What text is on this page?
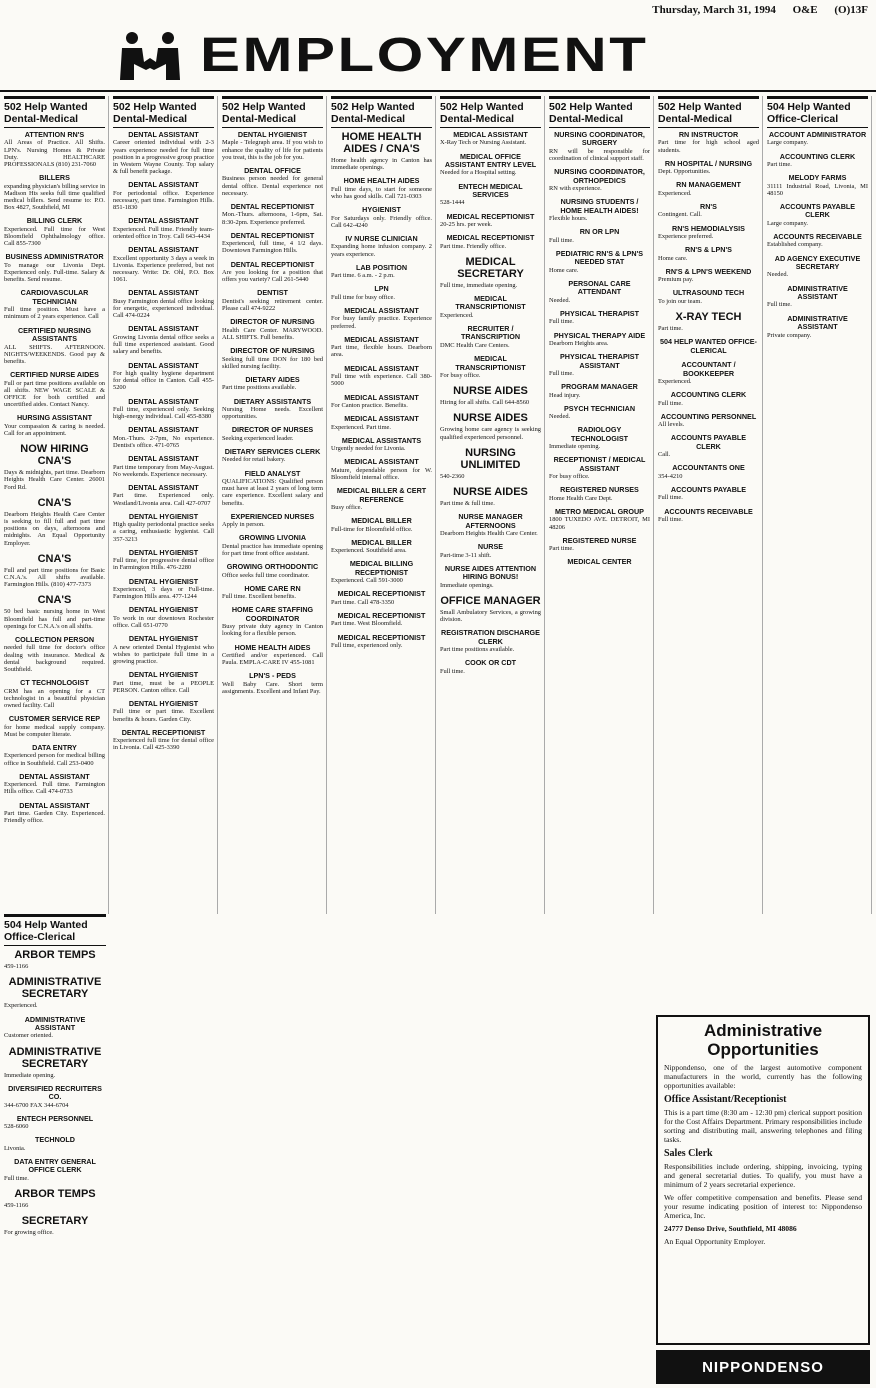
Thursday, March 31, 1994 O&E (O)13F
EMPLOYMENT
502 Help Wanted Dental-Medical
ATTENTION RN'S
All Areas of Practice. All Shifts. LPN's. Nursing Homes & Private Duty. HEALTHCARE PROFESSIONALS (810) 231-7060
BILLERS
expanding physician's billing service in Madison Hts seeks full time qualified medical billers. Send resume to: P.O. Box 4827, Southfield, MI
BILLING CLERK
Experienced. Full time for West Bloomfield Ophthalmology office. Call 855-7300
BUSINESS ADMINISTRATOR
To manage our Livonia Dept. Experienced only. Full-time. Salary & benefits. Send resume.
CARDIOVASCULAR TECHNICIAN
Full time position. Must have a minimum of 2 years experience. Call
CERTIFIED NURSING ASSISTANTS
ALL SHIFTS. AFTERNOON. NIGHTS/WEEKENDS. Good pay & benefits.
CERTIFIED NURSE AIDES
Full or part time positions available on all shifts. NEW WAGE SCALE & OFFICE for both certified and uncertified aides. Contact Nancy.
HURSING ASSISTANT
Your compassion & caring is needed. Call for an appointment.
NOW HIRING CNA'S
Days & midnights, part time. Dearborn Heights Health Care Center. 26001 Ford Rd.
CNA'S
Dearborn Heights Health Care Center is seeking to fill full and part time positions on days, afternoons and midnights. An Equal Opportunity Employer.
CNA'S
Full and part time positions for Basic C.N.A.'s. All shifts available. Farmington Hills. (810) 477-7373
CNA'S
50 bed basic nursing home in West Bloomfield has full and part-time openings for C.N.A.'s on all shifts.
COLLECTION PERSON
needed full time for doctor's office dealing with insurance. Medical & dental background required. Southfield.
CT TECHNOLOGIST
CRM has an opening for a CT technologist in a beautiful physician owned facility. Call
CUSTOMER SERVICE REP
for home medical supply company. Must be computer literate.
DATA ENTRY
Experienced person for medical billing office in Southfield. Call 253-0400
DENTAL ASSISTANT
Experienced. Full time. Farmington Hills office. Call 474-0733
DENTAL ASSISTANT
Part time. Garden City. Experienced. Friendly office.
502 Help Wanted Dental-Medical
DENTAL ASSISTANT
Career oriented individual with 2-3 years experience needed for full time position in a progressive group practice in Western Wayne County. Top salary & full benefit package.
DENTAL ASSISTANT
For periodontal office. Experience necessary, part time. Farmington Hills. 851-1830
DENTAL ASSISTANT
Experienced. Full time. Friendly team-oriented office in Troy. Call 643-4434
DENTAL ASSISTANT
Excellent opportunity 3 days a week in Livonia. Experience preferred, but not necessary. Write: Dr. Ohl, P.O. Box 1061.
DENTAL ASSISTANT
Busy Farmington dental office looking for energetic, experienced individual. Call 474-0224
DENTAL ASSISTANT
Growing Livonia dental office seeks a full time experienced assistant. Good salary and benefits.
DENTAL ASSISTANT
For high quality hygiene department for dental office in Canton. Call 455-5200
DENTAL ASSISTANT
Full time, experienced only. Seeking high-energy individual. Call 455-8380
DENTAL ASSISTANT
Mon.-Thurs. 2-7pm, No experience. Dentist's office. 471-0765
DENTAL ASSISTANT
Part time temporary from May-August. No weekends. Experience necessary.
DENTAL ASSISTANT
Part time. Experienced only. Westland/Livonia area. Call 427-0707
DENTAL HYGIENIST
High quality periodontal practice seeks a caring, enthusiastic hygienist. Call 357-3213
DENTAL HYGIENIST
Full time, for progressive dental office in Farmington Hills. 476-2280
DENTAL HYGIENIST
Experienced, 3 days or Full-time. Farmington Hills area. 477-1244
DENTAL HYGIENIST
To work in our downtown Rochester office. Call 651-0770
DENTAL HYGIENIST
A new oriented Dental Hygienist who wishes to participate full time in a growing practice.
DENTAL HYGIENIST
Part time, must be a PEOPLE PERSON. Canton office. Call
DENTAL HYGIENIST
Full time or part time. Excellent benefits & hours. Garden City.
DENTAL RECEPTIONIST
Experienced full time for dental office in Livonia. Call 425-3390
502 Help Wanted Dental-Medical
DENTAL HYGIENIST
Maple - Telegraph area. If you wish to enhance the quality of life for patients you treat, this is the job for you.
DENTAL OFFICE
Business person needed for general dental office. Dental experience not necessary.
DENTAL RECEPTIONIST
Mon.-Thurs. afternoons, 1-6pm, Sat. 8:30-2pm. Experience preferred.
DENTAL RECEPTIONIST
Experienced, full time, 4 1/2 days. Downtown Farmington Hills.
DENTAL RECEPTIONIST
Are you looking for a position that offers you variety? Call 261-5440
DENTIST
Dentist's seeking retirement center. Please call 474-9222
DIRECTOR OF NURSING
Health Care Center. MARYWOOD. ALL SHIFTS. Full benefits.
DIRECTOR OF NURSING
Seeking full time DON for 180 bed skilled nursing facility.
DIETARY AIDES
Part time positions available.
DIETARY ASSISTANTS
Nursing Home needs. Excellent opportunities.
DIRECTOR OF NURSES
Seeking experienced leader.
DIETARY SERVICES CLERK
Needed for retail bakery.
FIELD ANALYST
QUALIFICATIONS: Qualified person must have at least 2 years of long term care experience. Excellent salary and benefits.
EXPERIENCED NURSES
Apply in person.
GROWING LIVONIA
Dental practice has immediate opening for part time front office assistant.
GROWING ORTHODONTIC
Office seeks full time coordinator.
HOME CARE RN
Full time. Excellent benefits.
HOME CARE STAFFING COORDINATOR
Busy private duty agency in Canton looking for a flexible person.
HOME HEALTH AIDES
Certified and/or experienced. Call Paula. EMPLA-CARE IV 455-1081
LPN'S - PEDS
Well Baby Care. Short term assignments. Excellent and Infant Pay.
502 Help Wanted Dental-Medical
HOME HEALTH AIDES / CNA'S
Home health agency in Canton has immediate openings.
HOME HEALTH AIDES
Full time days, to start for someone who has good skills. Call 721-0303
HYGIENIST
For Saturdays only. Friendly office. Call 642-4240
IV NURSE CLINICIAN
Expanding home infusion company. 2 years experience.
LAB POSITION
Part time. 6 a.m. - 2 p.m.
LPN
Full time for busy office.
MEDICAL ASSISTANT
For busy family practice. Experience preferred.
MEDICAL ASSISTANT
Part time, flexible hours. Dearborn area.
MEDICAL ASSISTANT
Full time with experience. Call 380-5000
MEDICAL ASSISTANT
For Canton practice. Benefits.
MEDICAL ASSISTANT
Experienced. Part time.
MEDICAL ASSISTANTS
Urgently needed for Livonia.
MEDICAL ASSISTANT
Mature, dependable person for W. Bloomfield internal office.
MEDICAL BILLER & CERT REFERENCE
Busy office.
MEDICAL BILLER
Full-time for Bloomfield office.
MEDICAL BILLER
Experienced. Southfield area.
MEDICAL BILLING RECEPTIONIST
Experienced. Call 591-3000
MEDICAL RECEPTIONIST
Part time. Call 478-3350
MEDICAL RECEPTIONIST
Part time. West Bloomfield.
MEDICAL RECEPTIONIST
Full time, experienced only.
502 Help Wanted Dental-Medical
MEDICAL ASSISTANT
X-Ray Tech or Nursing Assistant.
MEDICAL OFFICE ASSISTANT ENTRY LEVEL
Needed for a Hospital setting.
ENTECH MEDICAL SERVICES
528-1444
MEDICAL RECEPTIONIST
20-25 hrs. per week.
MEDICAL RECEPTIONIST
Part time. Friendly office.
MEDICAL SECRETARY
Full time, immediate opening.
MEDICAL TRANSCRIPTIONIST
Experienced.
RECRUITER / TRANSCRIPTION
DMC Health Care Centers.
MEDICAL TRANSCRIPTIONIST
For busy office.
NURSE AIDES
Hiring for all shifts. Call 644-8560
NURSE AIDES
Growing home care agency is seeking qualified experienced personnel.
NURSING UNLIMITED
540-2360
NURSE AIDES
Part time & full time.
NURSE MANAGER AFTERNOONS
Dearborn Heights Health Care Center.
NURSE
Part-time 3-11 shift.
NURSE AIDES ATTENTION HIRING BONUS!
Immediate openings.
OFFICE MANAGER
Small Ambulatory Services, a growing division.
REGISTRATION DISCHARGE CLERK
Part time positions available.
COOK OR CDT
Full time.
502 Help Wanted Dental-Medical
NURSING COORDINATOR, SURGERY
RN will be responsible for coordination of clinical support staff.
NURSING COORDINATOR, ORTHOPEDICS
RN with experience.
NURSING STUDENTS / HOME HEALTH AIDES!
Flexible hours.
RN OR LPN
Full time.
PEDIATRIC RN'S & LPN'S NEEDED STAT
Home care.
PERSONAL CARE ATTENDANT
Needed.
PHYSICAL THERAPIST
Full time.
PHYSICAL THERAPY AIDE
Dearborn Heights area.
PHYSICAL THERAPIST ASSISTANT
Full time.
PROGRAM MANAGER
Head injury.
PSYCH TECHNICIAN
Needed.
RADIOLOGY TECHNOLOGIST
Immediate opening.
RECEPTIONIST / MEDICAL ASSISTANT
For busy office.
REGISTERED NURSES
Home Health Care Dept.
METRO MEDICAL GROUP
1800 TUXEDO AVE. DETROIT, MI 48206
REGISTERED NURSE
Part time.
MEDICAL CENTER
502 Help Wanted Dental-Medical
RN INSTRUCTOR
Part time for high school aged students.
RN HOSPITAL / NURSING
Dept. Opportunities.
RN MANAGEMENT
Experienced.
RN'S
Contingent. Call.
RN'S HEMODIALYSIS
Experience preferred.
RN'S & LPN'S
Home care.
RN'S & LPN'S WEEKEND
Premium pay.
ULTRASOUND TECH
To join our team.
X-RAY TECH
Part time.
504 HELP WANTED OFFICE-CLERICAL
ACCOUNTANT / BOOKKEEPER
Experienced.
ACCOUNTING CLERK
Full time.
ACCOUNTING PERSONNEL
All levels.
ACCOUNTS PAYABLE CLERK
Call.
ACCOUNTANTS ONE
354-4210
ACCOUNTS PAYABLE
Full time.
ACCOUNTS RECEIVABLE
Full time.
504 Help Wanted Office-Clerical
ACCOUNT ADMINISTRATOR
Large company.
ACCOUNTING CLERK
Part time.
MELODY FARMS
31111 Industrial Road, Livonia, MI 48150
ACCOUNTS PAYABLE CLERK
Large company.
ACCOUNTS RECEIVABLE
Established company.
AD AGENCY EXECUTIVE SECRETARY
Needed.
ADMINISTRATIVE ASSISTANT
Full time.
ADMINISTRATIVE ASSISTANT
Private company.
504 Help Wanted Office-Clerical
ARBOR TEMPS
459-1166
ADMINISTRATIVE SECRETARY
Experienced.
ADMINISTRATIVE ASSISTANT
Customer oriented.
ADMINISTRATIVE SECRETARY
Immediate opening.
DIVERSIFIED RECRUITERS CO.
344-6700 FAX 344-6704
ENTECH PERSONNEL
528-6060
TECHNOLD
Livonia.
DATA ENTRY GENERAL OFFICE CLERK
Full time.
ARBOR TEMPS
459-1166
SECRETARY
For growing office.
Administrative Opportunities

Nippondenso, one of the largest automotive component manufacturers in the world, currently has the following opportunities available:

Office Assistant/Receptionist

This is a part time (8:30 am - 12:30 pm) clerical support position for the Cost Affairs Department. Primary responsibilities include sorting and distributing mail, answering telephones and filing tasks.

Sales Clerk

Responsibilities include ordering, shipping, invoicing, typing and general secretarial duties. To qualify, you must have a minimum of 2 years secretarial experience.

We offer competitive compensation and benefits. Please send your resume indicating position of interest to: Nippondenso America, Inc.

24777 Denso Drive, Southfield, MI 48086

An Equal Opportunity Employer.

NIPPONDENSO
